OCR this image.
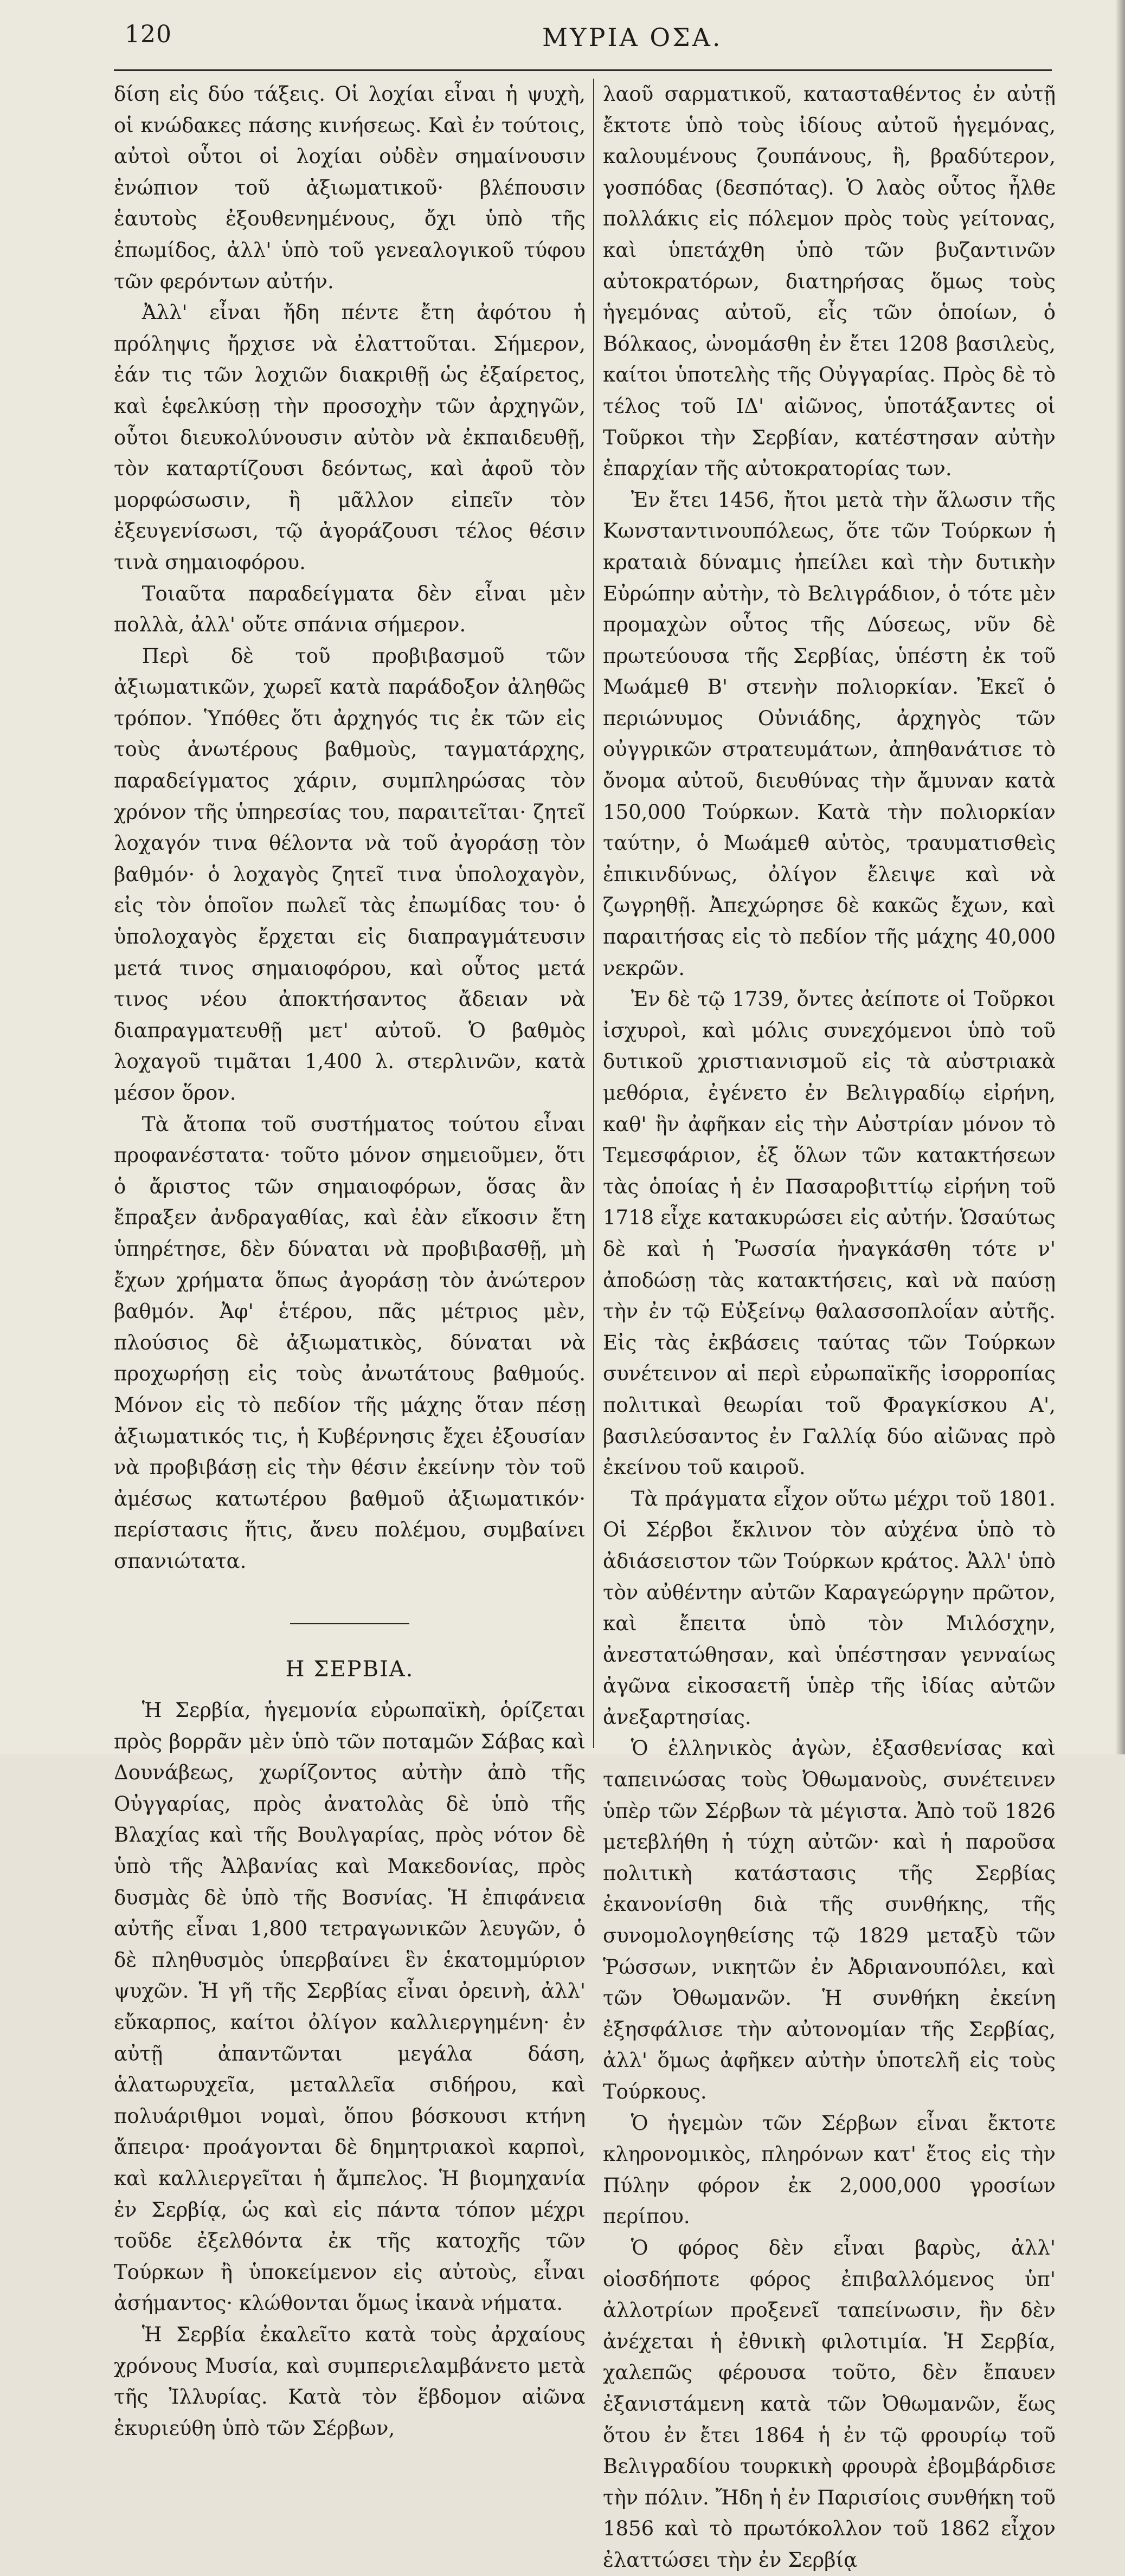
120	ΜΥΡΙΑ ΟΣΑ.

δίση εἰς δύο τάξεις. Οἱ λοχίαι εἶναι ἡ ψυχὴ, οἱ κνώδακες πάσης κινήσεως. Καὶ ἐν τούτοις, αὐτοὶ οὗτοι οἱ λοχίαι οὐδὲν σημαίνουσιν ἐνώπιον τοῦ ἀξιωματικοῦ· βλέπουσιν ἑαυτοὺς ἐξουθενημένους, ὄχι ὑπὸ τῆς ἐπωμίδος, ἀλλ' ὑπὸ τοῦ γενεαλογικοῦ τύφου τῶν φερόντων αὐτήν.

Ἀλλ' εἶναι ἤδη πέντε ἔτη ἀφότου ἡ πρόληψις ἤρχισε νὰ ἐλαττοῦται. Σήμερον, ἐάν τις τῶν λοχιῶν διακριθῇ ὡς ἐξαίρετος, καὶ ἑφελκύσῃ τὴν προσοχὴν τῶν ἀρχηγῶν, οὗτοι διευκολύνουσιν αὐτὸν νὰ ἐκπαιδευθῇ, τὸν καταρτίζουσι δεόντως, καὶ ἀφοῦ τὸν μορφώσωσιν, ἢ μᾶλλον εἰπεῖν τὸν ἐξευγενίσωσι, τῷ ἀγοράζουσι τέλος θέσιν τινὰ σημαιοφόρου.

Τοιαῦτα παραδείγματα δὲν εἶναι μὲν πολλὰ, ἀλλ' οὔτε σπάνια σήμερον.

Περὶ δὲ τοῦ προβιβασμοῦ τῶν ἀξιωματικῶν, χωρεῖ κατὰ παράδοξον ἀληθῶς τρόπον. Ὑπόθες ὅτι ἀρχηγός τις ἐκ τῶν εἰς τοὺς ἀνωτέρους βαθμοὺς, ταγματάρχης, παραδείγματος χάριν, συμπληρώσας τὸν χρόνον τῆς ὑπηρεσίας του, παραιτεῖται· ζητεῖ λοχαγόν τινα θέλοντα νὰ τοῦ ἀγοράσῃ τὸν βαθμόν· ὁ λοχαγὸς ζητεῖ τινα ὑπολοχαγὸν, εἰς τὸν ὁποῖον πωλεῖ τὰς ἐπωμίδας του· ὁ ὑπολοχαγὸς ἔρχεται εἰς διαπραγμάτευσιν μετά τινος σημαιοφόρου, καὶ οὗτος μετά τινος νέου ἀποκτήσαντος ἄδειαν νὰ διαπραγματευθῇ μετ' αὐτοῦ. Ὁ βαθμὸς λοχαγοῦ τιμᾶται 1,400 λ. στερλινῶν, κατὰ μέσον ὅρον.

Τὰ ἄτοπα τοῦ συστήματος τούτου εἶναι προφανέστατα· τοῦτο μόνον σημειοῦμεν, ὅτι ὁ ἄριστος τῶν σημαιοφόρων, ὅσας ἂν ἔπραξεν ἀνδραγαθίας, καὶ ἐὰν εἴκοσιν ἔτη ὑπηρέτησε, δὲν δύναται νὰ προβιβασθῇ, μὴ ἔχων χρήματα ὅπως ἀγοράσῃ τὸν ἀνώτερον βαθμόν. Ἀφ' ἑτέρου, πᾶς μέτριος μὲν, πλούσιος δὲ ἀξιωματικὸς, δύναται νὰ προχωρήσῃ εἰς τοὺς ἀνωτάτους βαθμούς. Μόνον εἰς τὸ πεδίον τῆς μάχης ὅταν πέσῃ ἀξιωματικός τις, ἡ Κυβέρνησις ἔχει ἐξουσίαν νὰ προβιβάσῃ εἰς τὴν θέσιν ἐκείνην τὸν τοῦ ἀμέσως κατωτέρου βαθμοῦ ἀξιωματικόν· περίστασις ἥτις, ἄνευ πολέμου, συμβαίνει σπανιώτατα.

Η ΣΕΡΒΙΑ.

Ἡ Σερβία, ἡγεμονία εὐρωπαϊκὴ, ὁρίζεται πρὸς βορρᾶν μὲν ὑπὸ τῶν ποταμῶν Σάβας καὶ Δουνάβεως, χωρίζοντος αὐτὴν ἀπὸ τῆς Οὐγγαρίας, πρὸς ἀνατολὰς δὲ ὑπὸ τῆς Βλαχίας καὶ τῆς Βουλγαρίας, πρὸς νότον δὲ ὑπὸ τῆς Ἀλβανίας καὶ Μακεδονίας, πρὸς δυσμὰς δὲ ὑπὸ τῆς Βοσνίας. Ἡ ἐπιφάνεια αὐτῆς εἶναι 1,800 τετραγωνικῶν λευγῶν, ὁ δὲ πληθυσμὸς ὑπερβαίνει ἓν ἑκατομμύριον ψυχῶν. Ἡ γῆ τῆς Σερβίας εἶναι ὀρεινὴ, ἀλλ' εὔκαρπος, καίτοι ὀλίγον καλλιεργημένη· ἐν αὐτῇ ἀπαντῶνται μεγάλα δάση, ἁλατωρυχεῖα, μεταλλεῖα σιδήρου, καὶ πολυάριθμοι νομαὶ, ὅπου βόσκουσι κτήνη ἄπειρα· προάγονται δὲ δημητριακοὶ καρποὶ, καὶ καλλιεργεῖται ἡ ἄμπελος. Ἡ βιομηχανία ἐν Σερβίᾳ, ὡς καὶ εἰς πάντα τόπον μέχρι τοῦδε ἐξελθόντα ἐκ τῆς κατοχῆς τῶν Τούρκων ἢ ὑποκείμενον εἰς αὐτοὺς, εἶναι ἀσήμαντος· κλώθονται ὅμως ἱκανὰ νήματα.

Ἡ Σερβία ἐκαλεῖτο κατὰ τοὺς ἀρχαίους χρόνους Μυσία, καὶ συμπεριελαμβάνετο μετὰ τῆς Ἰλλυρίας. Κατὰ τὸν ἕβδομον αἰῶνα ἐκυριεύθη ὑπὸ τῶν Σέρβων,

λαοῦ σαρματικοῦ, κατασταθέντος ἐν αὐτῇ ἔκτοτε ὑπὸ τοὺς ἰδίους αὐτοῦ ἡγεμόνας, καλουμένους ζουπάνους, ἢ, βραδύτερον, γοσπόδας (δεσπότας). Ὁ λαὸς οὗτος ἦλθε πολλάκις εἰς πόλεμον πρὸς τοὺς γείτονας, καὶ ὑπετάχθη ὑπὸ τῶν βυζαντινῶν αὐτοκρατόρων, διατηρήσας ὅμως τοὺς ἡγεμόνας αὐτοῦ, εἷς τῶν ὁποίων, ὁ Βόλκαος, ὠνομάσθη ἐν ἔτει 1208 βασιλεὺς, καίτοι ὑποτελὴς τῆς Οὐγγαρίας. Πρὸς δὲ τὸ τέλος τοῦ ΙΔ' αἰῶνος, ὑποτάξαντες οἱ Τοῦρκοι τὴν Σερβίαν, κατέστησαν αὐτὴν ἐπαρχίαν τῆς αὐτοκρατορίας των.

Ἐν ἔτει 1456, ἤτοι μετὰ τὴν ἅλωσιν τῆς Κωνσταντινουπόλεως, ὅτε τῶν Τούρκων ἡ κραταιὰ δύναμις ἠπείλει καὶ τὴν δυτικὴν Εὐρώπην αὐτὴν, τὸ Βελιγράδιον, ὁ τότε μὲν προμαχὼν οὗτος τῆς Δύσεως, νῦν δὲ πρωτεύουσα τῆς Σερβίας, ὑπέστη ἐκ τοῦ Μωάμεθ Β' στενὴν πολιορκίαν. Ἐκεῖ ὁ περιώνυμος Οὐνιάδης, ἀρχηγὸς τῶν οὐγγρικῶν στρατευμάτων, ἀπηθανάτισε τὸ ὄνομα αὐτοῦ, διευθύνας τὴν ἄμυναν κατὰ 150,000 Τούρκων. Κατὰ τὴν πολιορκίαν ταύτην, ὁ Μωάμεθ αὐτὸς, τραυματισθεὶς ἐπικινδύνως, ὀλίγον ἔλειψε καὶ νὰ ζωγρηθῇ. Ἀπεχώρησε δὲ κακῶς ἔχων, καὶ παραιτήσας εἰς τὸ πεδίον τῆς μάχης 40,000 νεκρῶν.

Ἐν δὲ τῷ 1739, ὄντες ἀείποτε οἱ Τοῦρκοι ἰσχυροὶ, καὶ μόλις συνεχόμενοι ὑπὸ τοῦ δυτικοῦ χριστιανισμοῦ εἰς τὰ αὐστριακὰ μεθόρια, ἐγένετο ἐν Βελιγραδίῳ εἰρήνη, καθ' ἣν ἀφῆκαν εἰς τὴν Αὐστρίαν μόνον τὸ Τεμεσφάριον, ἐξ ὅλων τῶν κατακτήσεων τὰς ὁποίας ἡ ἐν Πασαροβιττίῳ εἰρήνη τοῦ 1718 εἶχε κατακυρώσει εἰς αὐτήν. Ὡσαύτως δὲ καὶ ἡ Ῥωσσία ἠναγκάσθη τότε ν' ἀποδώσῃ τὰς κατακτήσεις, καὶ νὰ παύσῃ τὴν ἐν τῷ Εὐξείνῳ θαλασσοπλοΐαν αὐτῆς. Εἰς τὰς ἐκβάσεις ταύτας τῶν Τούρκων συνέτεινον αἱ περὶ εὐρωπαϊκῆς ἰσορροπίας πολιτικαὶ θεωρίαι τοῦ Φραγκίσκου Α', βασιλεύσαντος ἐν Γαλλίᾳ δύο αἰῶνας πρὸ ἐκείνου τοῦ καιροῦ.

Τὰ πράγματα εἶχον οὕτω μέχρι τοῦ 1801. Οἱ Σέρβοι ἔκλινον τὸν αὐχένα ὑπὸ τὸ ἀδιάσειστον τῶν Τούρκων κράτος. Ἀλλ' ὑπὸ τὸν αὐθέντην αὐτῶν Καραγεώργην πρῶτον, καὶ ἔπειτα ὑπὸ τὸν Μιλόσχην, ἀνεστατώθησαν, καὶ ὑπέστησαν γενναίως ἀγῶνα εἰκοσαετῆ ὑπὲρ τῆς ἰδίας αὐτῶν ἀνεξαρτησίας.

Ὁ ἑλληνικὸς ἀγὼν, ἐξασθενίσας καὶ ταπεινώσας τοὺς Ὀθωμανοὺς, συνέτεινεν ὑπὲρ τῶν Σέρβων τὰ μέγιστα. Ἀπὸ τοῦ 1826 μετεβλήθη ἡ τύχη αὐτῶν· καὶ ἡ παροῦσα πολιτικὴ κατάστασις τῆς Σερβίας ἐκανονίσθη διὰ τῆς συνθήκης, τῆς συνομολογηθείσης τῷ 1829 μεταξὺ τῶν Ῥώσσων, νικητῶν ἐν Ἀδριανουπόλει, καὶ τῶν Ὀθωμανῶν. Ἡ συνθήκη ἐκείνη ἐξησφάλισε τὴν αὐτονομίαν τῆς Σερβίας, ἀλλ' ὅμως ἀφῆκεν αὐτὴν ὑποτελῆ εἰς τοὺς Τούρκους.

Ὁ ἡγεμὼν τῶν Σέρβων εἶναι ἔκτοτε κληρονομικὸς, πληρόνων κατ' ἔτος εἰς τὴν Πύλην φόρον ἐκ 2,000,000 γροσίων περίπου.

Ὁ φόρος δὲν εἶναι βαρὺς, ἀλλ' οἱοσδήποτε φόρος ἐπιβαλλόμενος ὑπ' ἀλλοτρίων προξενεῖ ταπείνωσιν, ἣν δὲν ἀνέχεται ἡ ἐθνικὴ φιλοτιμία. Ἡ Σερβία, χαλεπῶς φέρουσα τοῦτο, δὲν ἔπαυεν ἐξανιστάμενη κατὰ τῶν Ὀθωμανῶν, ἕως ὅτου ἐν ἔτει 1864 ἡ ἐν τῷ φρουρίῳ τοῦ Βελιγραδίου τουρκικὴ φρουρὰ ἐβομβάρδισε τὴν πόλιν. Ἤδη ἡ ἐν Παρισίοις συνθήκη τοῦ 1856 καὶ τὸ πρωτόκολλον τοῦ 1862 εἶχον ἐλαττώσει τὴν ἐν Σερβίᾳ
